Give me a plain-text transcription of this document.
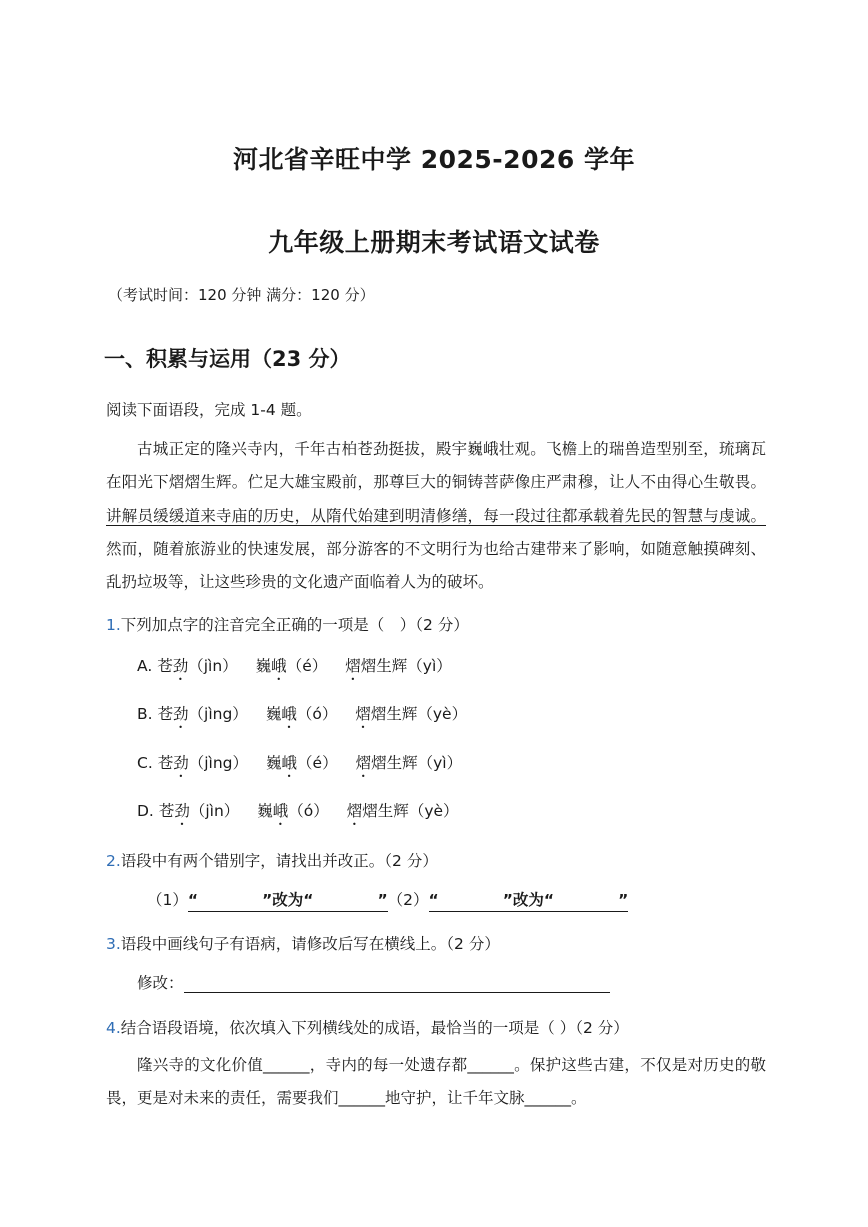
河北省辛旺中学 2025-2026 学年
九年级上册期末考试语文试卷
（考试时间：120 分钟 满分：120 分）
一、积累与运用（23 分）
阅读下面语段，完成 1-4 题。
古城正定的隆兴寺内，千年古柏苍劲挺拔，殿宇巍峨壮观。飞檐上的瑞兽造型别至，琉璃瓦在阳光下熠熠生辉。伫足大雄宝殿前，那尊巨大的铜铸菩萨像庄严肃穆，让人不由得心生敬畏。讲解员缓缓道来寺庙的历史，从隋代始建到明清修缮，每一段过往都承载着先民的智慧与虔诚。然而，随着旅游业的快速发展，部分游客的不文明行为也给古建带来了影响，如随意触摸碑刻、乱扔垃圾等，让这些珍贵的文化遗产面临着人为的破坏。
1.下列加点字的注音完全正确的一项是（　）（2 分）
A. 苍劲（jìn） 巍峨（é） 熠熠生辉（yì）
B. 苍劲（jìng） 巍峨（ó） 熠熠生辉（yè）
C. 苍劲（jìng） 巍峨（é） 熠熠生辉（yì）
D. 苍劲（jìn） 巍峨（ó） 熠熠生辉（yè）
2.语段中有两个错别字，请找出并改正。（2 分）
（1）“	”改为“	”（2）“	”改为“	”
3.语段中画线句子有语病，请修改后写在横线上。（2 分）
修改：
4.结合语段语境，依次填入下列横线处的成语，最恰当的一项是（ ）（2 分）
隆兴寺的文化价值______，寺内的每一处遗存都______。保护这些古建，不仅是对历史的敬畏，更是对未来的责任，需要我们______地守护，让千年文脉______。
